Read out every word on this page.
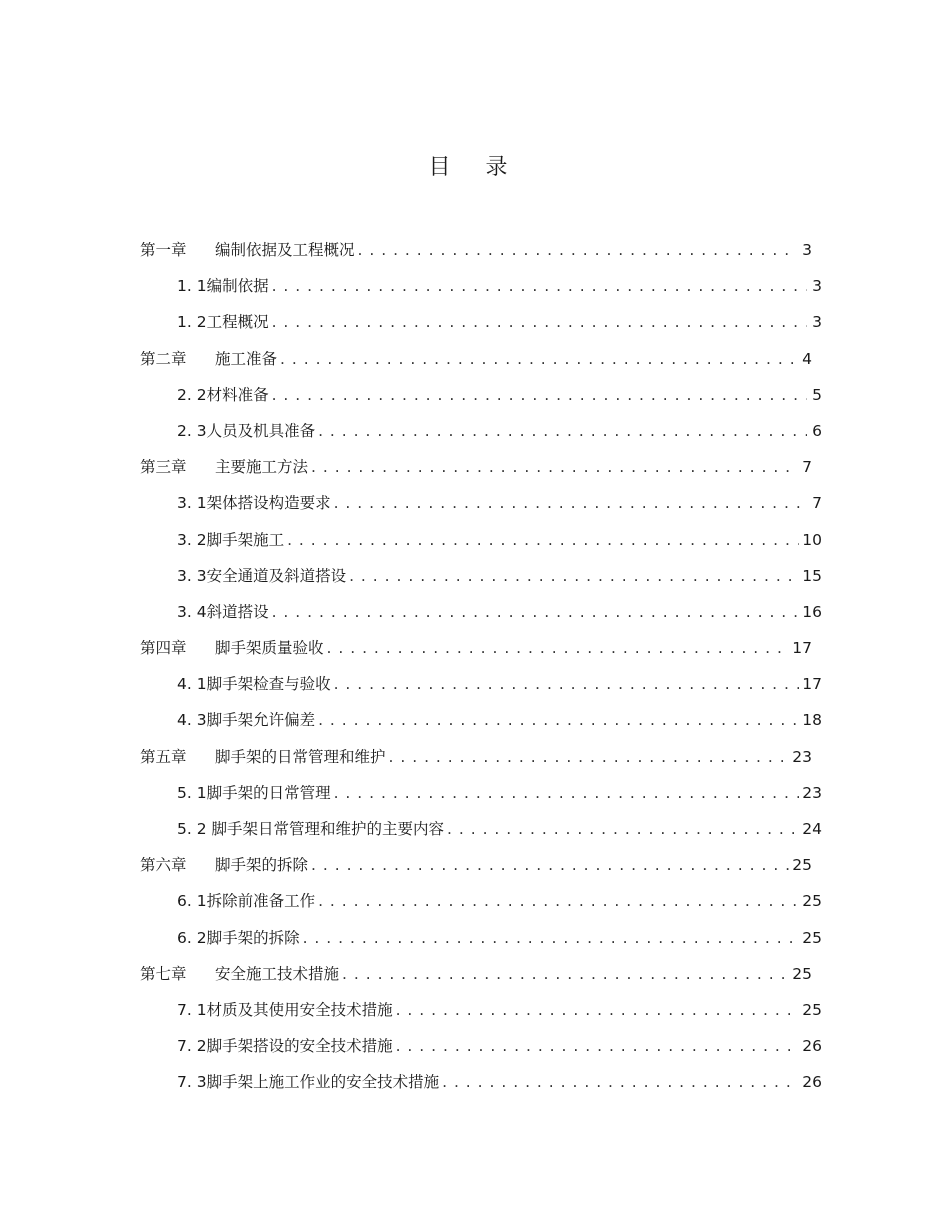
目 录
第一章	编制依据及工程概况 . . .	3
1. 1编制依据 . . .	3
1. 2工程概况 . . .	3
第二章	施工准备 . . .	4
2. 2材料准备 . . .	5
2. 3人员及机具准备 . . .	6
第三章	主要施工方法 . . .	7
3. 1架体搭设构造要求 . . .	7
3. 2脚手架施工 . . .	10
3. 3安全通道及斜道搭设 . . .	15
3. 4斜道搭设 . . .	16
第四章	脚手架质量验收 . . .	17
4. 1脚手架检查与验收 . . .	17
4. 3脚手架允许偏差 . . .	18
第五章	脚手架的日常管理和维护 . . .	23
5. 1脚手架的日常管理 . . .	23
5. 2 脚手架日常管理和维护的主要内容 . . .	24
第六章	脚手架的拆除 . . .	25
6. 1拆除前准备工作 . . .	25
6. 2脚手架的拆除 . . .	25
第七章	安全施工技术措施 . . .	25
7. 1材质及其使用安全技术措施 . . .	25
7. 2脚手架搭设的安全技术措施 . . .	26
7. 3脚手架上施工作业的安全技术措施 . . .	26
